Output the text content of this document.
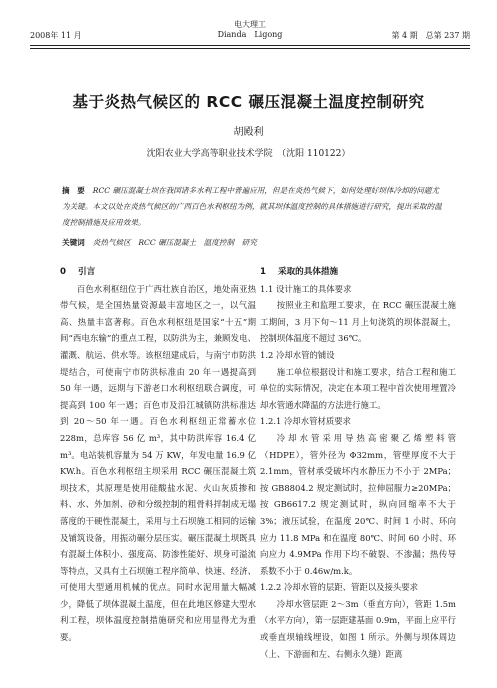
电大理工
Dianda　Ligong
2008年 11 月	第 4 期　总第 237 期
基于炎热气候区的 RCC 碾压混凝土温度控制研究
胡殿利
沈阳农业大学高等职业技术学院　（沈阳 110122）
摘　要 RCC 碾压混凝土坝在我国诸多水利工程中普遍应用，但是在炎热气候下，如何处理好坝体冷却的问题尤为关键。本文以处在炎热气候区的广西百色水利枢纽为例，就其坝体温度控制的具体措施进行研究，提出采取的温度控制措施及应用效果。
关键词 炎热气候区　RCC 碾压混凝土　温度控制　研究
0 引言

百色水利枢纽位于广西壮族自治区，地处南亚热带气候，是全国热量资源最丰富地区之一，以气温高、热量丰富著称。百色水利枢纽是国家“十五”期间“西电东输”的重点工程，以防洪为主，兼顾发电、灌溉、航运、供水等。该枢纽建成后，与南宁市防洪堤结合，可使南宁市防洪标准由 20 年一遇提高到 50 年一遇，远期与下游老口水利枢纽联合调度，可提高到 100 年一遇；百色市及沿江城镇防洪标准达到 20～50 年一遇。百色水利枢纽正常蓄水位 228m，总库容 56 亿 m³，其中防洪库容 16.4 亿 m³。电站装机容量为 54 万 KW，年发电量 16.9 亿 KW.h。百色水利枢纽主坝采用 RCC 碾压混凝土筑坝技术，其原理是使用硅酸盐水泥、火山灰质掺和料、水、外加剂、砂和分级控制的粗骨料拌制成无塌落度的干硬性混凝土，采用与土石坝施工相同的运输及铺筑设备，用振动碾分层压实。碾压混凝土坝既具有混凝土体积小、强度高、防渗性能好、坝身可溢流等特点，又具有土石坝施工程序简单、快速、经济、可使用大型通用机械的优点。同时水泥用量大幅减少，降低了坝体混凝土温度，但在此地区修建大型水利工程，坝体温度控制措施研究和应用显得尤为重要。

1 采取的具体措施

1.1 设计施工的具体要求

按照业主和监理工要求，在 RCC 碾压混凝土施工期间，3 月下旬～11 月上旬浇筑的坝体混凝土，控制坝体温度不超过 36℃。

1.2 冷却水管的铺设

施工单位根据设计和施工要求，结合工程和施工单位的实际情况，决定在本项工程中首次使用埋置冷却水管通水降温的方法进行施工。

1.2.1 冷却水管材质要求

冷却水管采用导热高密聚乙烯塑料管（HDPE），管外径为 Φ32mm，管壁厚度不大于 2.1mm，管材承受破坏内水静压力不小于 2MPa；按 GB8804.2 规定测试时，拉伸屈服力≥20MPa；按 GB6617.2 规定测试时，纵向回缩率不大于 3%；液压试验，在温度 20℃、时间 1 小时、环向应力 11.8 MPa 和在温度 80℃、时间 60 小时、环向应力 4.9MPa 作用下均不破裂、不渗漏；热传导系数不小于 0.46w/m.k。

1.2.2 冷却水管的层距、管距以及接头要求

冷却水管层距 2～3m（垂直方向），管距 1.5m（水平方向），第一层距建基面 0.9m，平面上应平行或垂直坝轴线埋设，如图 1 所示。外侧与坝体周边（上、下游面和左、右侧永久缝）距离
